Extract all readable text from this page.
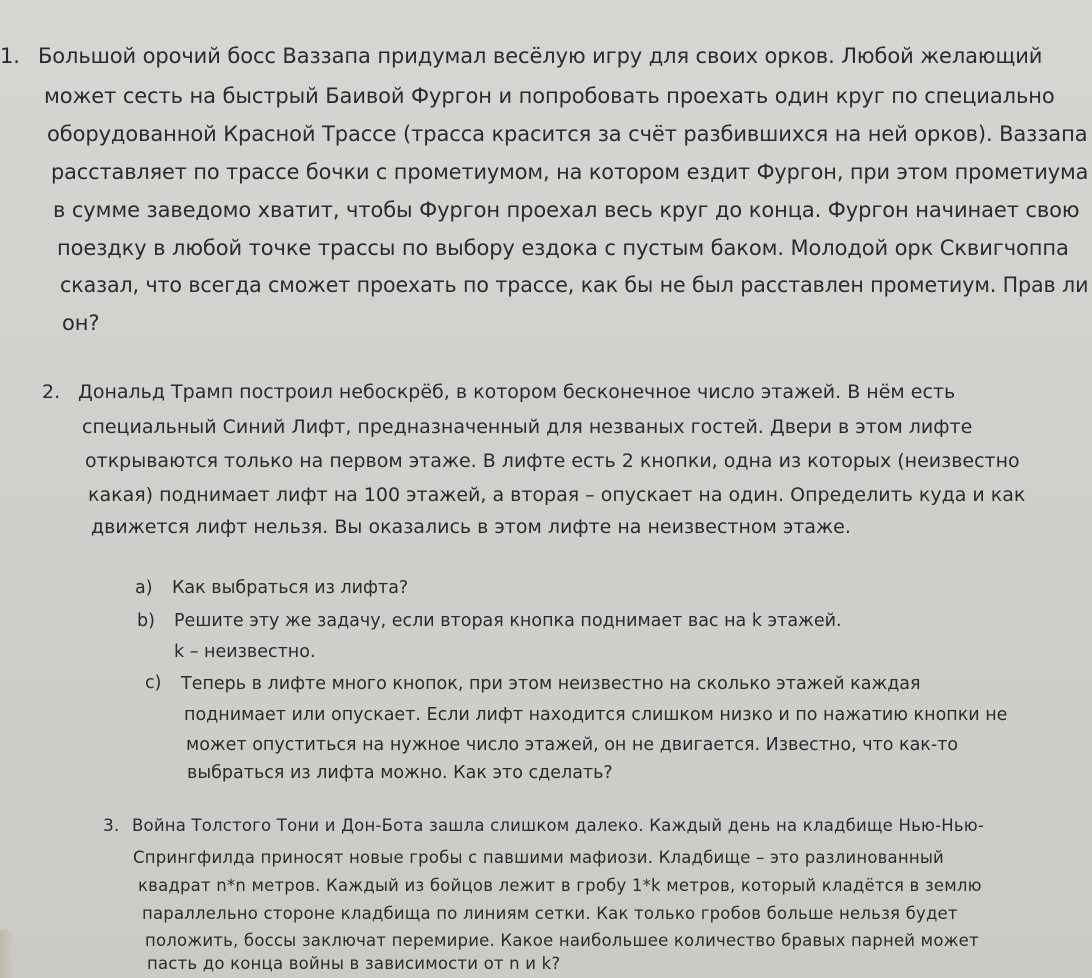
1. Большой орочий босс Ваззапа придумал весёлую игру для своих орков. Любой желающий

может сесть на быстрый Баивой Фургон и попробовать проехать один круг по специально

оборудованной Красной Трассе (трасса красится за счёт разбившихся на ней орков). Ваззапа

расставляет по трассе бочки с прометиумом, на котором ездит Фургон, при этом прометиума

в сумме заведомо хватит, чтобы Фургон проехал весь круг до конца. Фургон начинает свою

поездку в любой точке трассы по выбору ездока с пустым баком. Молодой орк Сквигчоппа

сказал, что всегда сможет проехать по трассе, как бы не был расставлен прометиум. Прав ли

он?

2. Дональд Трамп построил небоскрёб, в котором бесконечное число этажей. В нём есть

специальный Синий Лифт, предназначенный для незваных гостей. Двери в этом лифте

открываются только на первом этаже. В лифте есть 2 кнопки, одна из которых (неизвестно

какая) поднимает лифт на 100 этажей, а вторая – опускает на один. Определить куда и как

движется лифт нельзя. Вы оказались в этом лифте на неизвестном этаже.

a) Как выбраться из лифта?

b) Решите эту же задачу, если вторая кнопка поднимает вас на k этажей.

k – неизвестно.

c) Теперь в лифте много кнопок, при этом неизвестно на сколько этажей каждая

поднимает или опускает. Если лифт находится слишком низко и по нажатию кнопки не

может опуститься на нужное число этажей, он не двигается. Известно, что как-то

выбраться из лифта можно. Как это сделать?

3. Война Толстого Тони и Дон-Бота зашла слишком далеко. Каждый день на кладбище Нью-Нью-

Спрингфилда приносят новые гробы с павшими мафиози. Кладбище – это разлинованный

квадрат n*n метров. Каждый из бойцов лежит в гробу 1*k метров, который кладётся в землю

параллельно стороне кладбища по линиям сетки. Как только гробов больше нельзя будет

положить, боссы заключат перемирие. Какое наибольшее количество бравых парней может

пасть до конца войны в зависимости от n и k?
